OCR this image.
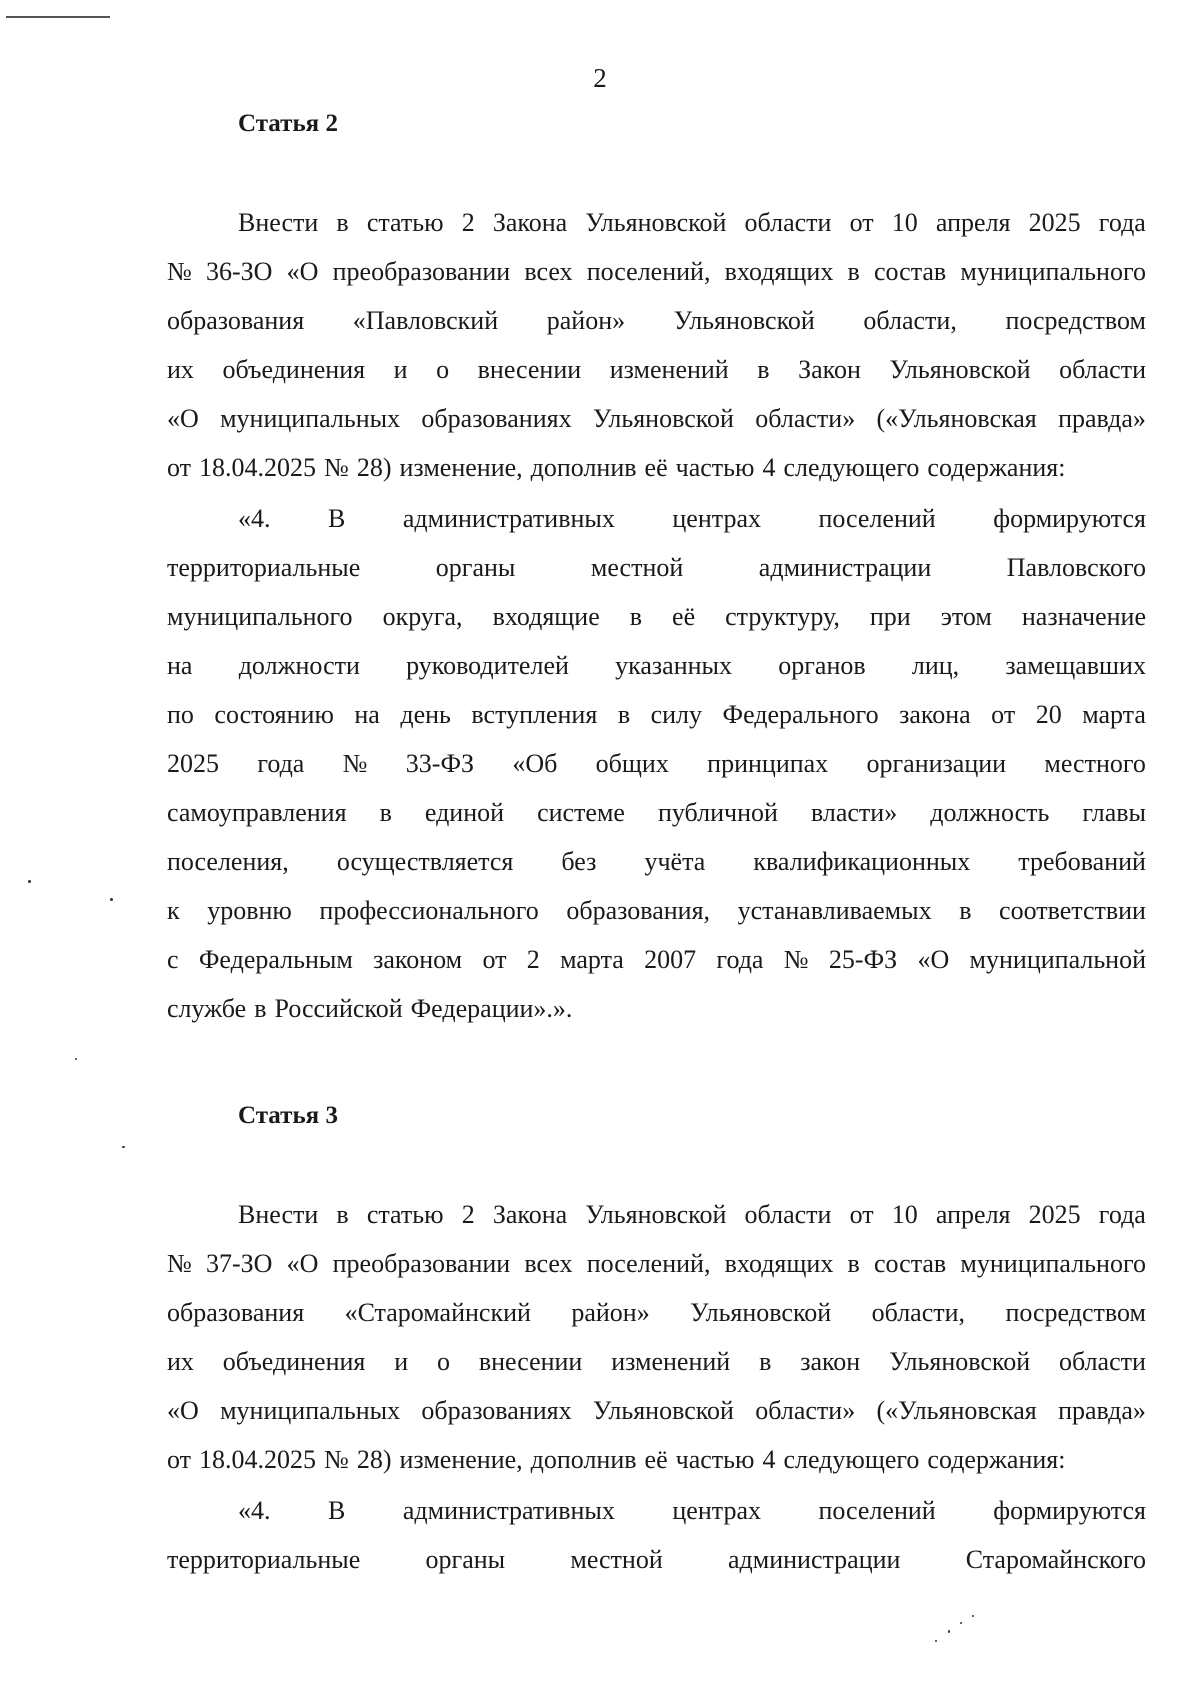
2
Статья 2
Статья 3
Внести в статью 2 Закона Ульяновской области от 10 апреля 2025 года
№ 36-ЗО «О преобразовании всех поселений, входящих в состав муниципального
образования «Павловский район» Ульяновской области, посредством
их объединения и о внесении изменений в Закон Ульяновской области
«О муниципальных образованиях Ульяновской области» («Ульяновская правда»
от 18.04.2025 № 28) изменение, дополнив её частью 4 следующего содержания:
«4. В административных центрах поселений формируются
территориальные	органы	местной	администрации	Павловского
муниципального округа, входящие в её структуру, при этом назначение
на должности руководителей указанных органов лиц, замещавших
по состоянию на день вступления в силу Федерального закона от 20 марта
2025 года № 33-ФЗ «Об общих принципах организации местного
самоуправления в единой системе публичной власти» должность главы
поселения, осуществляется без учёта квалификационных требований
к уровню профессионального образования, устанавливаемых в соответствии
с Федеральным законом от 2 марта 2007 года № 25-ФЗ «О муниципальной
службе в Российской Федерации».».
Внести в статью 2 Закона Ульяновской области от 10 апреля 2025 года
№ 37-ЗО «О преобразовании всех поселений, входящих в состав муниципального
образования «Старомайнский район» Ульяновской области, посредством
их объединения и о внесении изменений в закон Ульяновской области
«О муниципальных образованиях Ульяновской области» («Ульяновская правда»
от 18.04.2025 № 28) изменение, дополнив её частью 4 следующего содержания:
«4. В административных центрах поселений формируются
территориальные	органы	местной	администрации	Старомайнского
